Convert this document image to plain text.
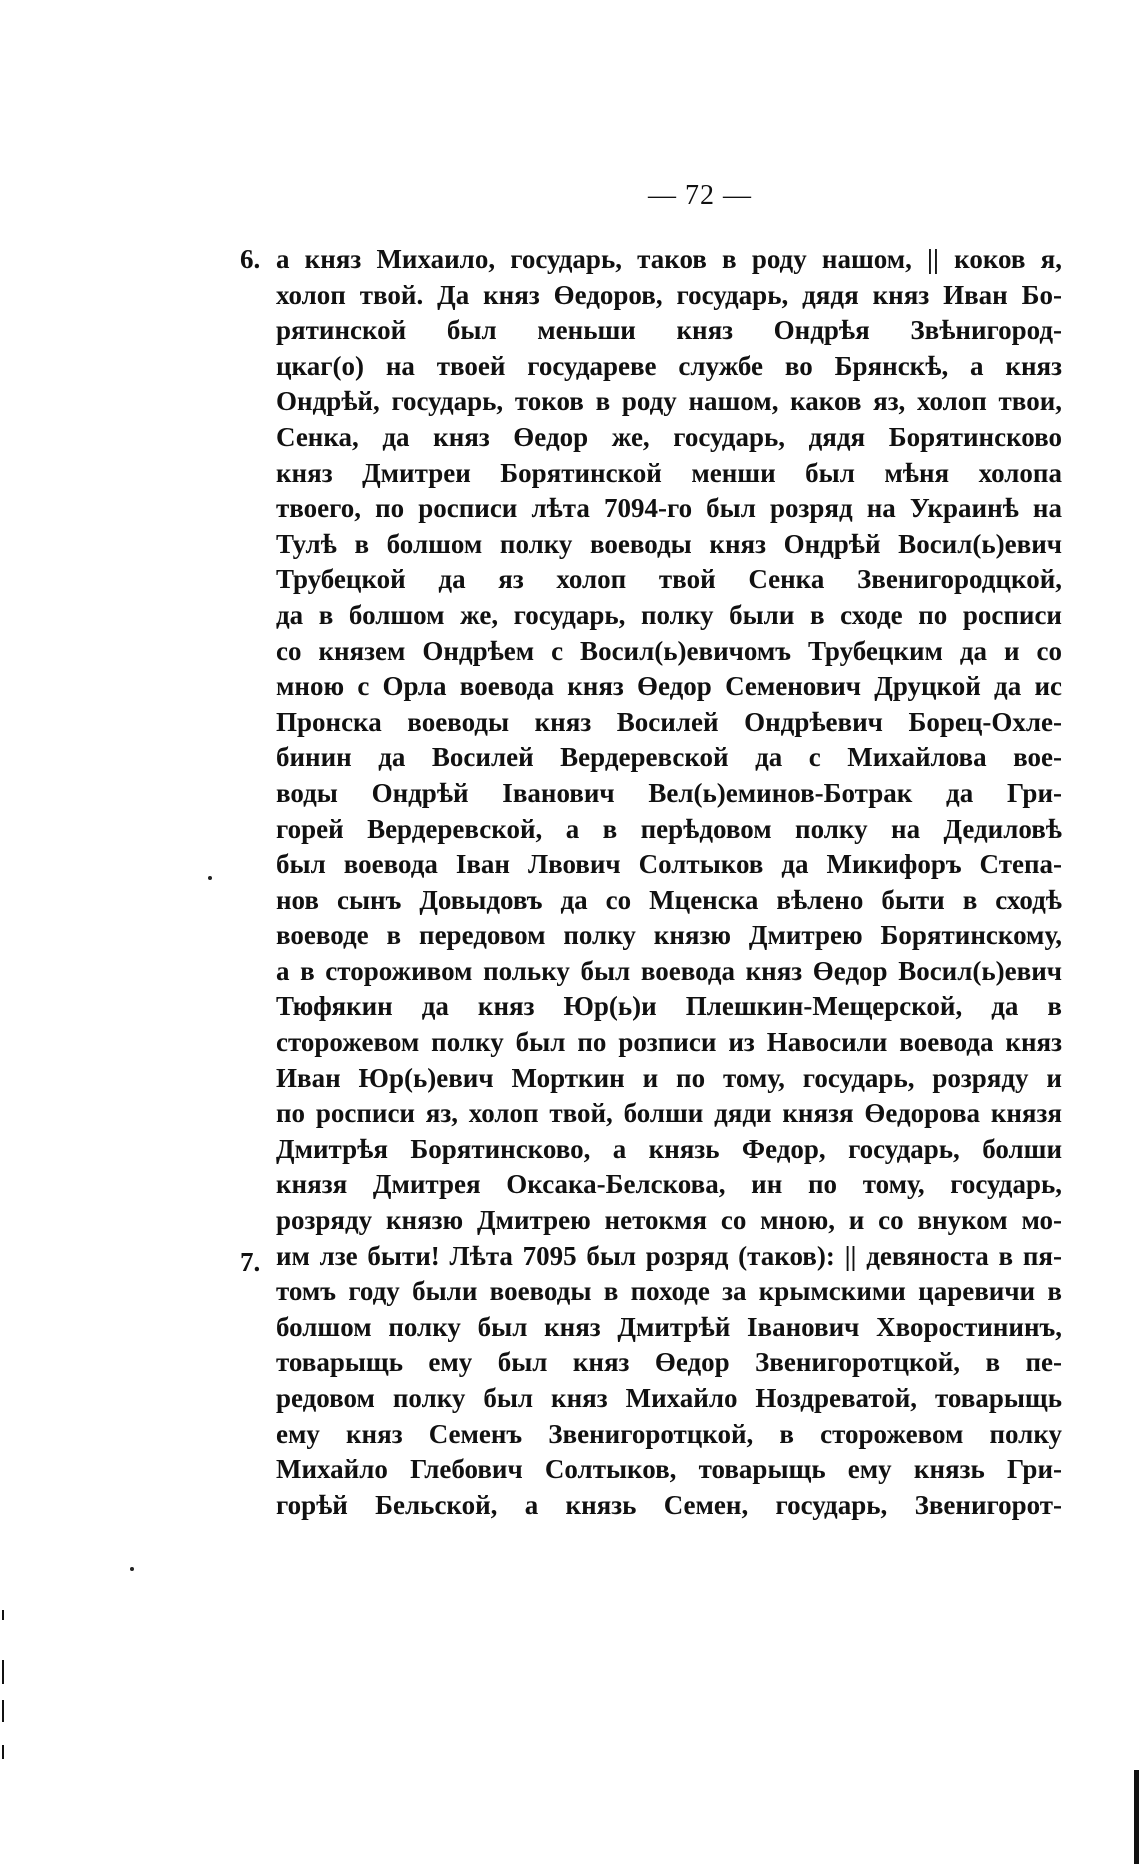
— 72 —
6.
7.
а княз Михаило, государь, таков в роду нашом, || коков я,
холоп твой. Да княз Өедоров, государь, дядя княз Иван Бо-
рятинской был меньши княз Ондрѣя Звѣнигород-
цкаг(о) на твоей государеве службе во Брянскѣ, а княз
Ондрѣй, государь, токов в роду нашом, каков яз, холоп твои,
Сенка, да княз Өедор же, государь, дядя Борятинсково
княз Дмитреи Борятинской менши был мѣня холопа
твоего, по росписи лѣта 7094-го был розряд на Украинѣ на
Тулѣ в болшом полку воеводы княз Ондрѣй Восил(ь)евич
Трубецкой да яз холоп твой Сенка Звенигородцкой,
да в болшом же, государь, полку были в сходе по росписи
со князем Ондрѣем с Восил(ь)евичомъ Трубецким да и со
мною с Орла воевода княз Өедор Семенович Друцкой да ис
Пронска воеводы княз Восилей Ондрѣевич Борец-Охле-
бинин да Восилей Вердеревской да с Михайлова воe-
воды Ондрѣй Іванович Вел(ь)еминов-Ботрак да Гри-
горей Вердеревской, а в перѣдовом полку на Дедиловѣ
был воевода Іван Лвович Солтыков да Микифоръ Степа-
нов сынъ Довыдовъ да со Мценска вѣлено быти в сходѣ
воеводе в передовом полку князю Дмитрею Борятинскому,
а в стороживом польку был воевода княз Өедор Восил(ь)евич
Тюфякин да княз Юр(ь)и Плешкин-Мещерской, да в
сторожевом полку был по розписи из Навосили воевода княз
Иван Юр(ь)евич Морткин и по тому, государь, розряду и
по росписи яз, холоп твой, болши дяди князя Өедорова князя
Дмитрѣя Борятинсково, а князь Федор, государь, болши
князя Дмитрея Оксака-Белскова, ин по тому, государь,
розряду князю Дмитрею нетокмя со мною, и со внуком мо-
им лзе быти! Лѣта 7095 был розряд (таков): || девяноста в пя-
томъ году были воеводы в походе за крымскими царевичи в
болшом полку был княз Дмитрѣй Іванович Хворостининъ,
товарыщь ему был княз Өедор Звенигоротцкой, в пе-
редовом полку был княз Михайло Ноздреватой, товарыщь
ему княз Семенъ Звенигоротцкой, в сторожевом полку
Михайло Глебович Солтыков, товарыщь ему князь Гри-
горѣй Бельской, а князь Семен, государь, Звенигорот-
